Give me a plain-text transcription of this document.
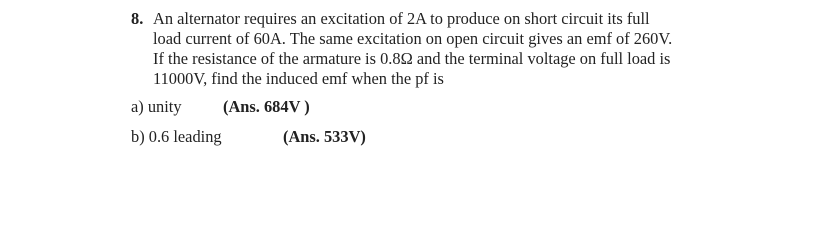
8. An alternator requires an excitation of 2A to produce on short circuit its full
load current of 60A. The same excitation on open circuit gives an emf of 260V.
If the resistance of the armature is 0.8Ω and the terminal voltage on full load is
11000V, find the induced emf when the pf is
a) unity	(Ans. 684V )
b) 0.6 leading	(Ans. 533V)
